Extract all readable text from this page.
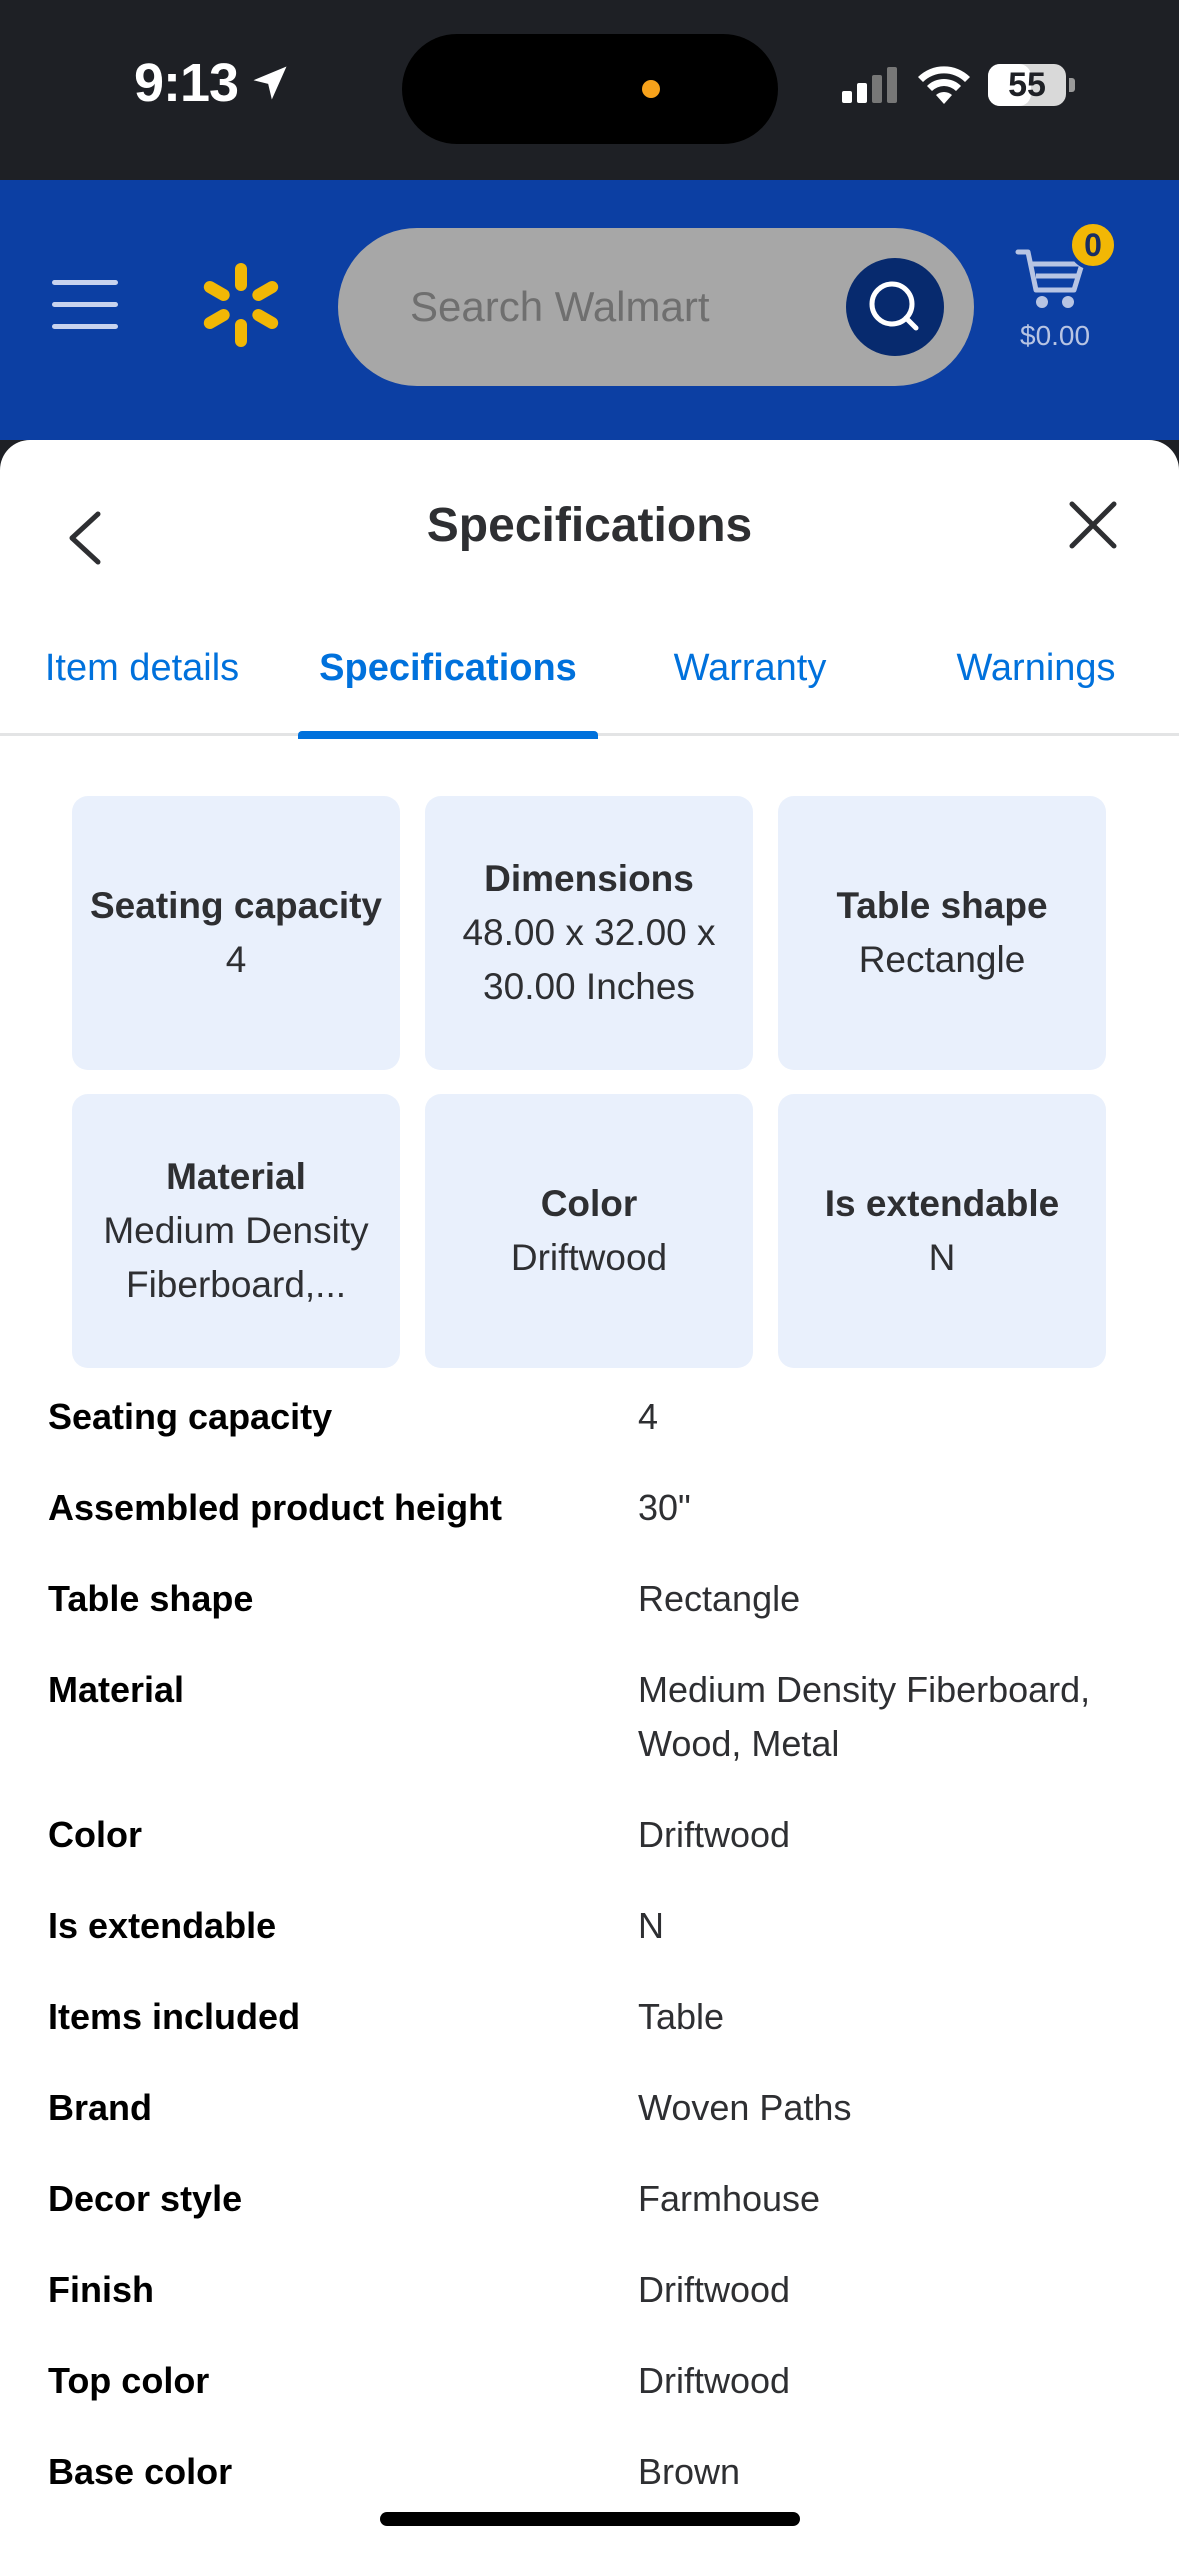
9:13	55
Search Walmart
0
$0.00
Specifications
Item details	Specifications	Warranty	Warnings
Seating capacity
4
Dimensions
48.00 x 32.00 x 30.00 Inches
Table shape
Rectangle
Material
Medium Density Fiberboard,...
Color
Driftwood
Is extendable
N
Seating capacity	4
Assembled product height	30"
Table shape	Rectangle
Material	Medium Density Fiberboard, Wood, Metal
Color	Driftwood
Is extendable	N
Items included	Table
Brand	Woven Paths
Decor style	Farmhouse
Finish	Driftwood
Top color	Driftwood
Base color	Brown
